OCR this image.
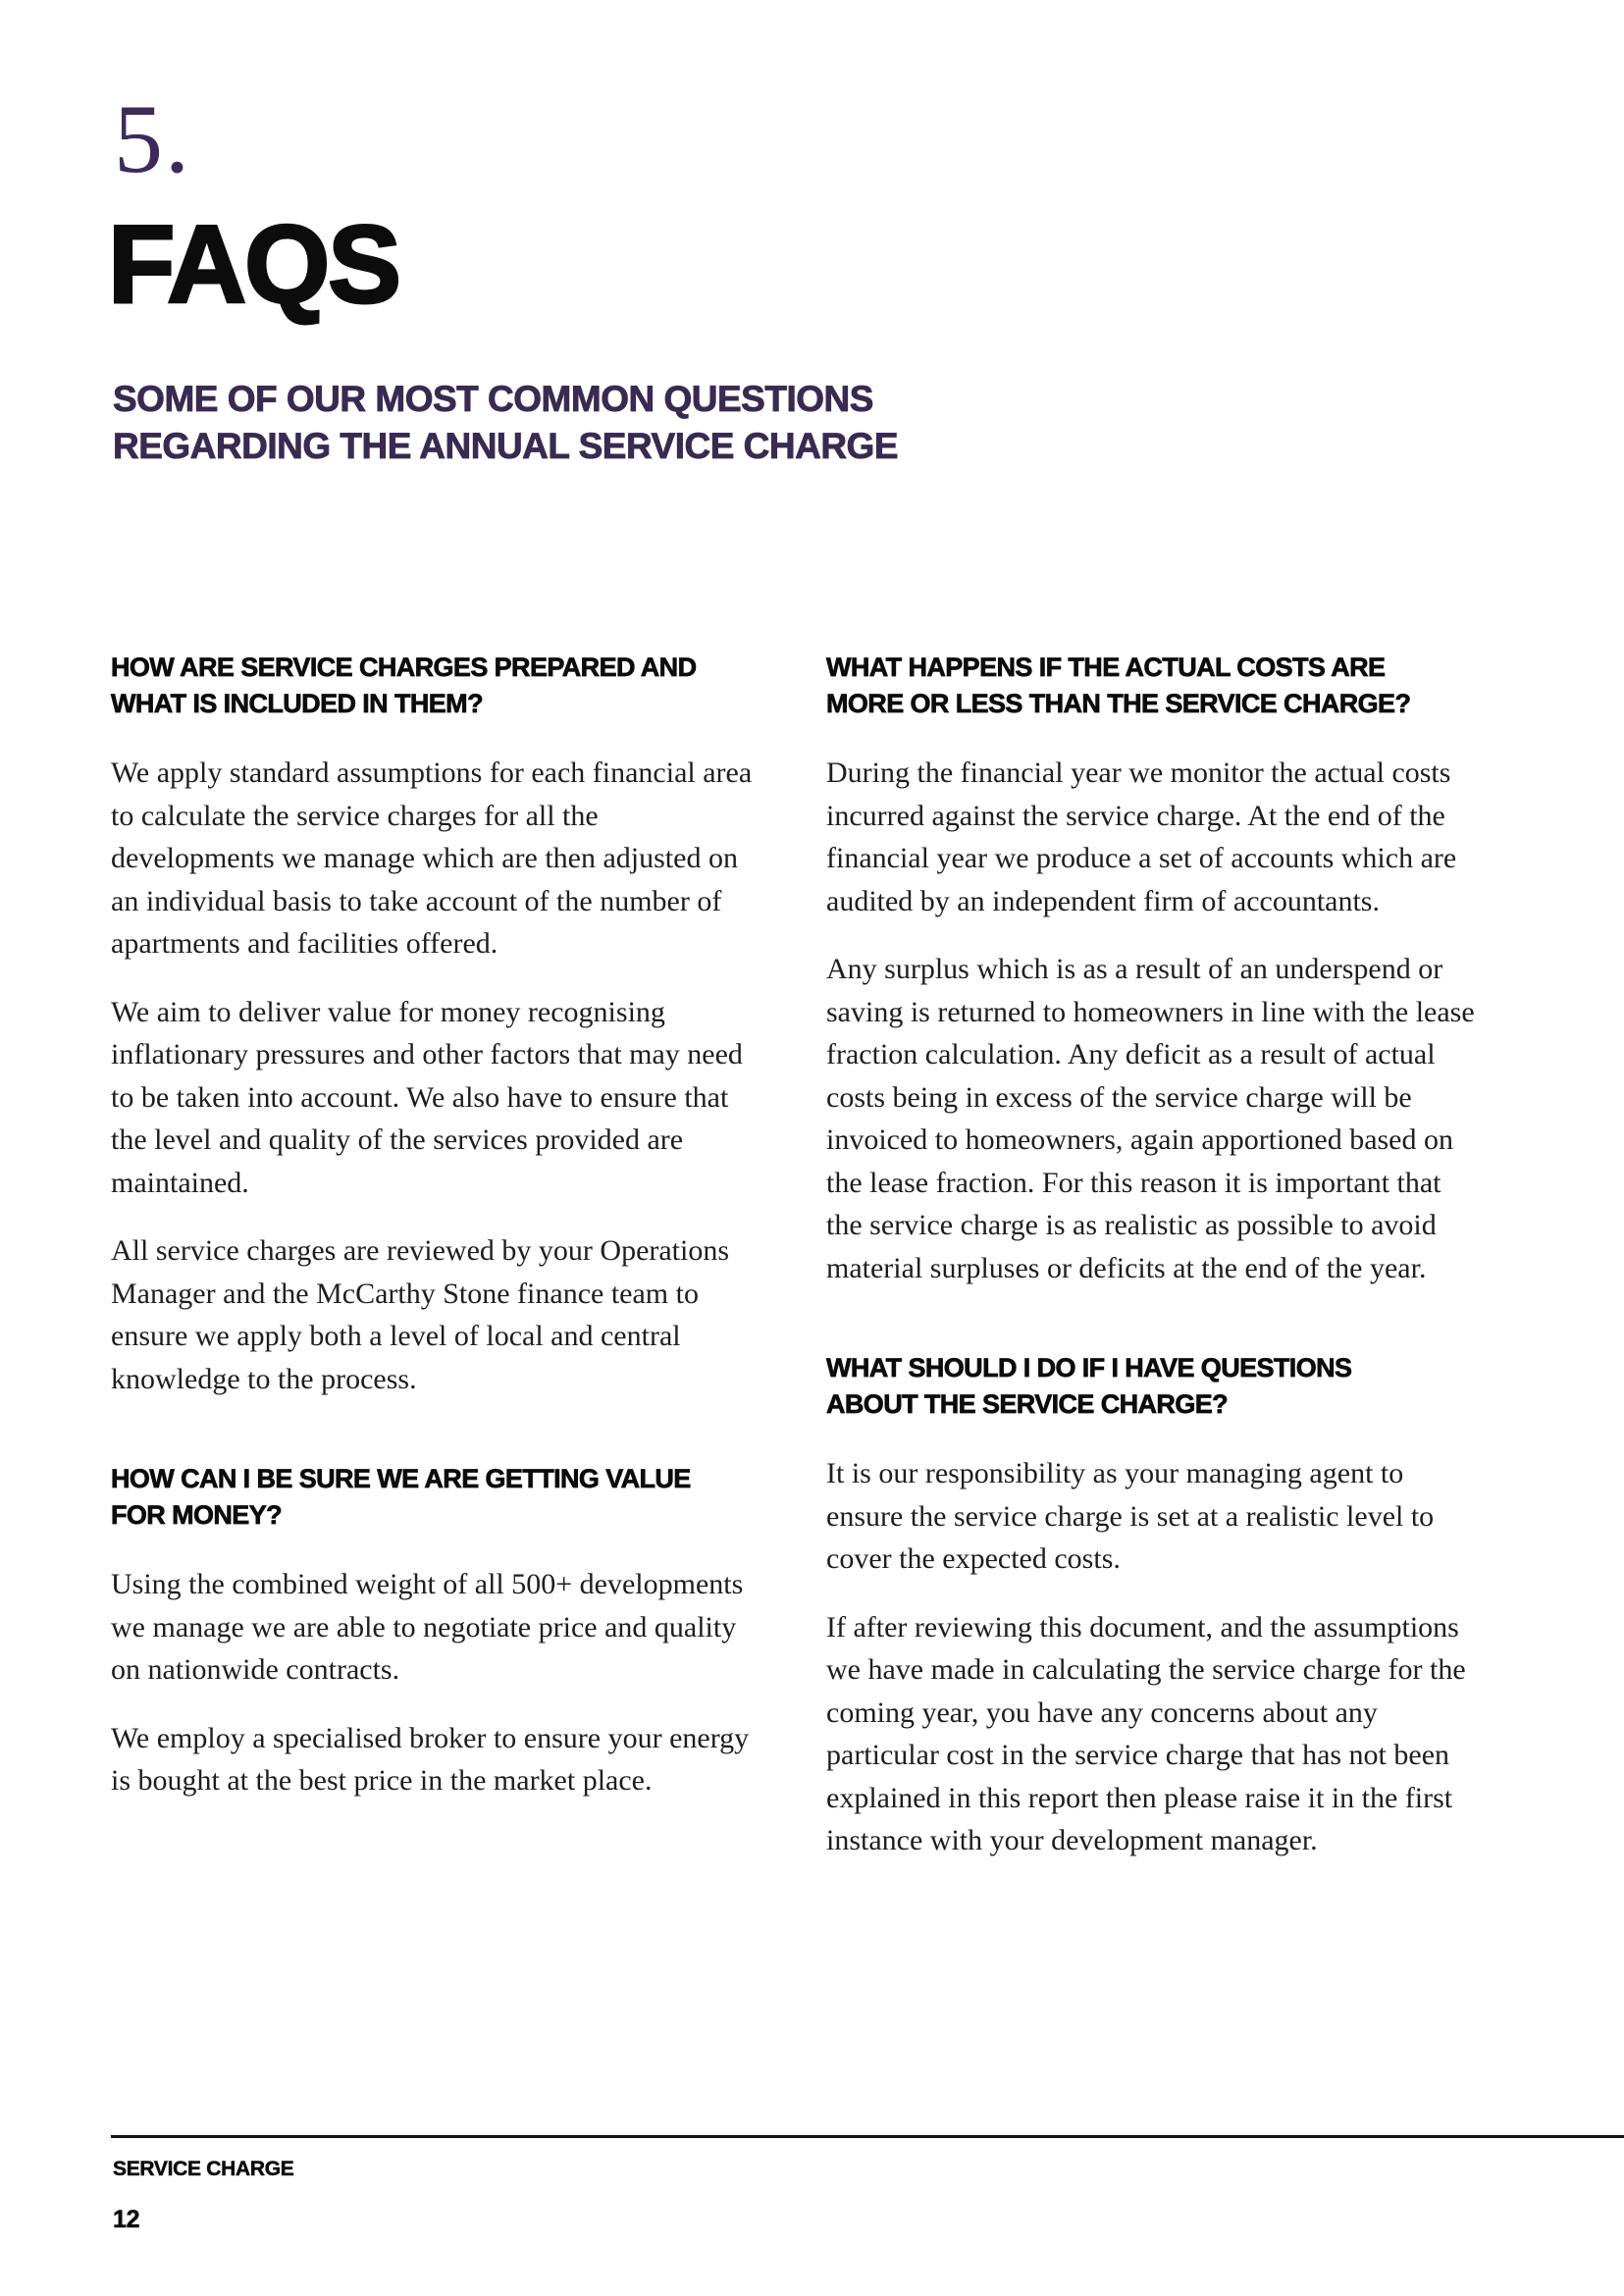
5.
FAQS
SOME OF OUR MOST COMMON QUESTIONS
REGARDING THE ANNUAL SERVICE CHARGE
HOW ARE SERVICE CHARGES PREPARED AND
WHAT IS INCLUDED IN THEM?

We apply standard assumptions for each financial area to calculate the service charges for all the developments we manage which are then adjusted on an individual basis to take account of the number of apartments and facilities offered.

We aim to deliver value for money recognising inflationary pressures and other factors that may need to be taken into account. We also have to ensure that the level and quality of the services provided are maintained.

All service charges are reviewed by your Operations Manager and the McCarthy Stone finance team to ensure we apply both a level of local and central knowledge to the process.

HOW CAN I BE SURE WE ARE GETTING VALUE
FOR MONEY?

Using the combined weight of all 500+ developments we manage we are able to negotiate price and quality on nationwide contracts.

We employ a specialised broker to ensure your energy is bought at the best price in the market place.

WHAT HAPPENS IF THE ACTUAL COSTS ARE
MORE OR LESS THAN THE SERVICE CHARGE?

During the financial year we monitor the actual costs incurred against the service charge. At the end of the financial year we produce a set of accounts which are audited by an independent firm of accountants.

Any surplus which is as a result of an underspend or saving is returned to homeowners in line with the lease fraction calculation. Any deficit as a result of actual costs being in excess of the service charge will be invoiced to homeowners, again apportioned based on the lease fraction. For this reason it is important that the service charge is as realistic as possible to avoid material surpluses or deficits at the end of the year.

WHAT SHOULD I DO IF I HAVE QUESTIONS
ABOUT THE SERVICE CHARGE?

It is our responsibility as your managing agent to ensure the service charge is set at a realistic level to cover the expected costs.

If after reviewing this document, and the assumptions we have made in calculating the service charge for the coming year, you have any concerns about any particular cost in the service charge that has not been explained in this report then please raise it in the first instance with your development manager.

SERVICE CHARGE
12
